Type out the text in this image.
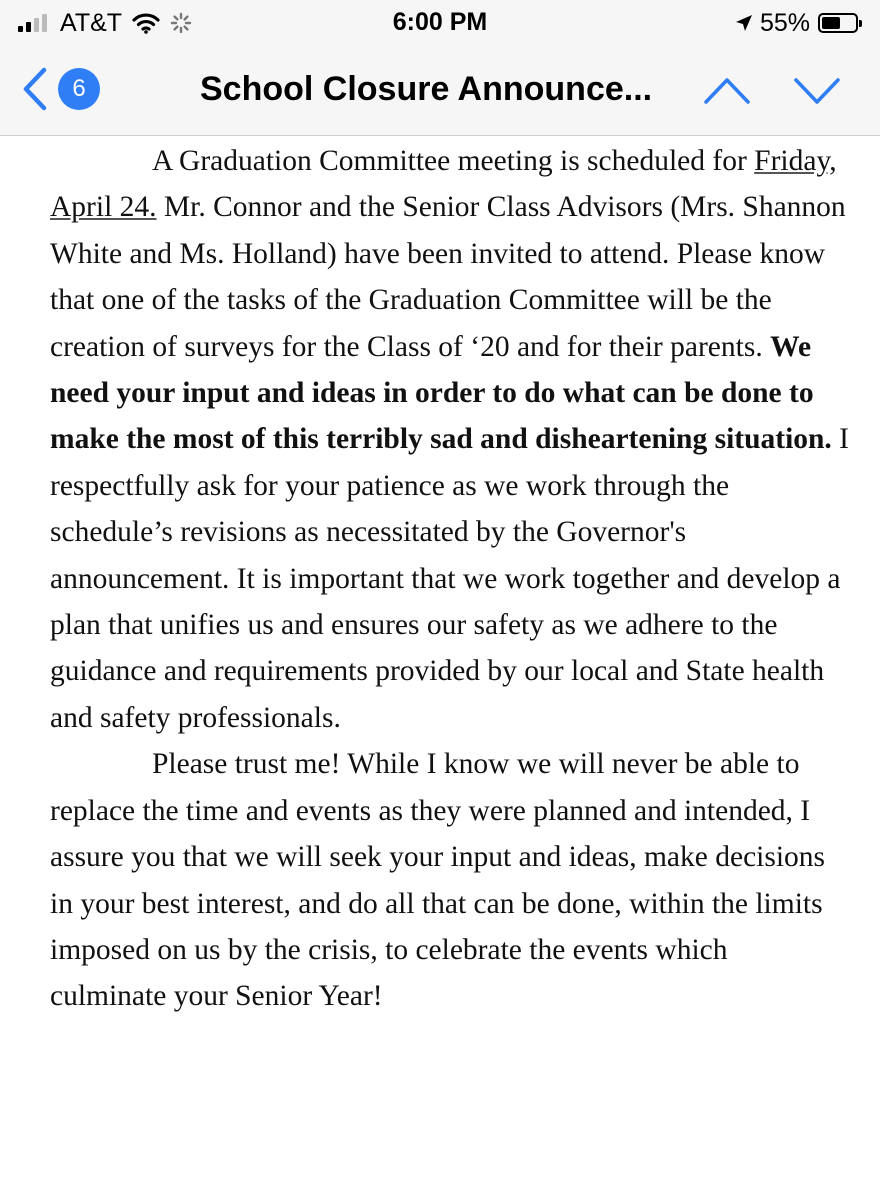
AT&T	6:00 PM	55%
6	School Closure Announce...

A Graduation Committee meeting is scheduled for Friday, April 24. Mr. Connor and the Senior Class Advisors (Mrs. Shannon White and Ms. Holland) have been invited to attend. Please know that one of the tasks of the Graduation Committee will be the creation of surveys for the Class of ‘20 and for their parents. We need your input and ideas in order to do what can be done to make the most of this terribly sad and disheartening situation. I respectfully ask for your patience as we work through the schedule’s revisions as necessitated by the Governor's announcement. It is important that we work together and develop a plan that unifies us and ensures our safety as we adhere to the guidance and requirements provided by our local and State health and safety professionals.

Please trust me! While I know we will never be able to replace the time and events as they were planned and intended, I assure you that we will seek your input and ideas, make decisions in your best interest, and do all that can be done, within the limits imposed on us by the crisis, to celebrate the events which culminate your Senior Year!
